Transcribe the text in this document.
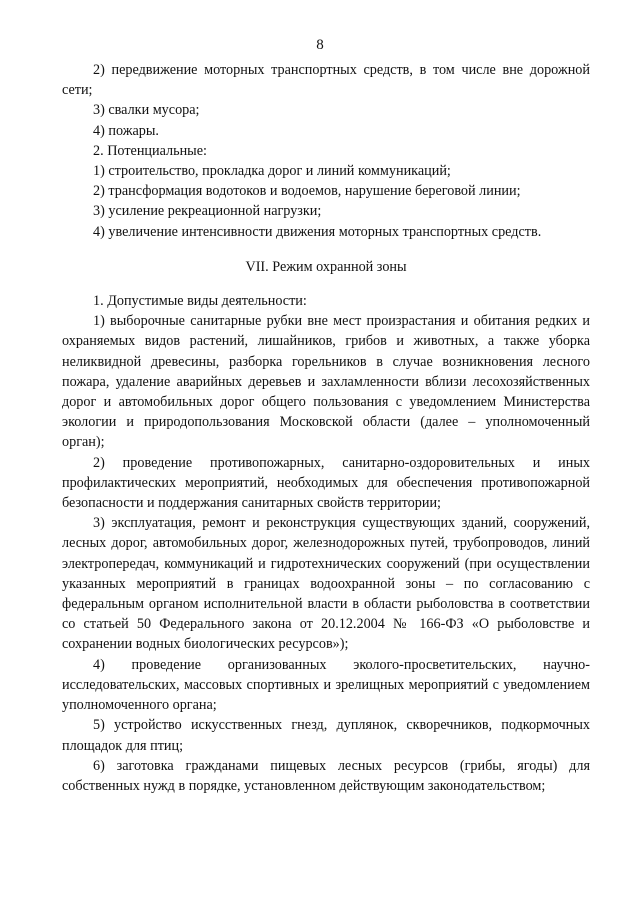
8

2) передвижение моторных транспортных средств, в том числе вне дорожной сети;

3) свалки мусора;

4) пожары.

2. Потенциальные:

1) строительство, прокладка дорог и линий коммуникаций;

2) трансформация водотоков и водоемов, нарушение береговой линии;

3) усиление рекреационной нагрузки;

4) увеличение интенсивности движения моторных транспортных средств.

VII. Режим охранной зоны

1. Допустимые виды деятельности:

1) выборочные санитарные рубки вне мест произрастания и обитания редких и охраняемых видов растений, лишайников, грибов и животных, а также уборка неликвидной древесины, разборка горельников в случае возникновения лесного пожара, удаление аварийных деревьев и захламленности вблизи лесохозяйственных дорог и автомобильных дорог общего пользования с уведомлением Министерства экологии и природопользования Московской области (далее – уполномоченный орган);

2) проведение противопожарных, санитарно-оздоровительных и иных профилактических мероприятий, необходимых для обеспечения противопожарной безопасности и поддержания санитарных свойств территории;

3) эксплуатация, ремонт и реконструкция существующих зданий, сооружений, лесных дорог, автомобильных дорог, железнодорожных путей, трубопроводов, линий электропередач, коммуникаций и гидротехнических сооружений (при осуществлении указанных мероприятий в границах водоохранной зоны – по согласованию с федеральным органом исполнительной власти в области рыболовства в соответствии со статьей 50 Федерального закона от 20.12.2004 № 166-ФЗ «О рыболовстве и сохранении водных биологических ресурсов»);

4) проведение организованных эколого-просветительских, научно-исследовательских, массовых спортивных и зрелищных мероприятий с уведомлением уполномоченного органа;

5) устройство искусственных гнезд, дуплянок, скворечников, подкормочных площадок для птиц;

6) заготовка гражданами пищевых лесных ресурсов (грибы, ягоды) для собственных нужд в порядке, установленном действующим законодательством;
